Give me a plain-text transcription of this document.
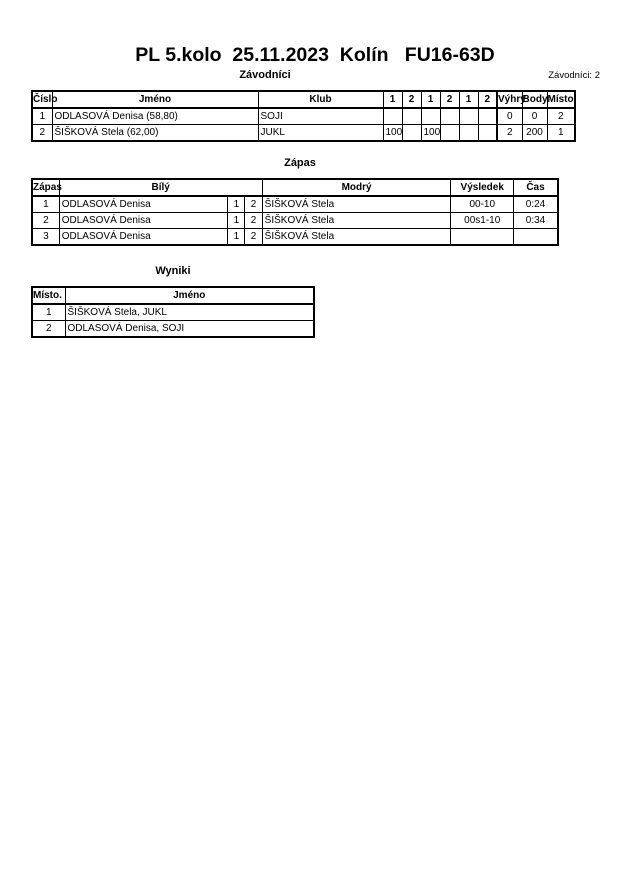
PL 5.kolo  25.11.2023  Kolín   FU16-63D
Závodníci	Závodníci: 2
Číslo	Jméno	Klub	1	2	1	2	1	2	Výhry	Body	Místo.
1	ODLASOVÁ Denisa (58,80)	SOJI							0	0	2
2	ŠIŠKOVÁ Stela (62,00)	JUKL	100		100				2	200	1
Zápas
Zápas	Bílý			Modrý	Výsledek	Čas
1	ODLASOVÁ Denisa	1	2	ŠIŠKOVÁ Stela	00-10	0:24
2	ODLASOVÁ Denisa	1	2	ŠIŠKOVÁ Stela	00s1-10	0:34
3	ODLASOVÁ Denisa	1	2	ŠIŠKOVÁ Stela		
Wyniki
Místo.	Jméno
1	ŠIŠKOVÁ Stela, JUKL
2	ODLASOVÁ Denisa, SOJI
